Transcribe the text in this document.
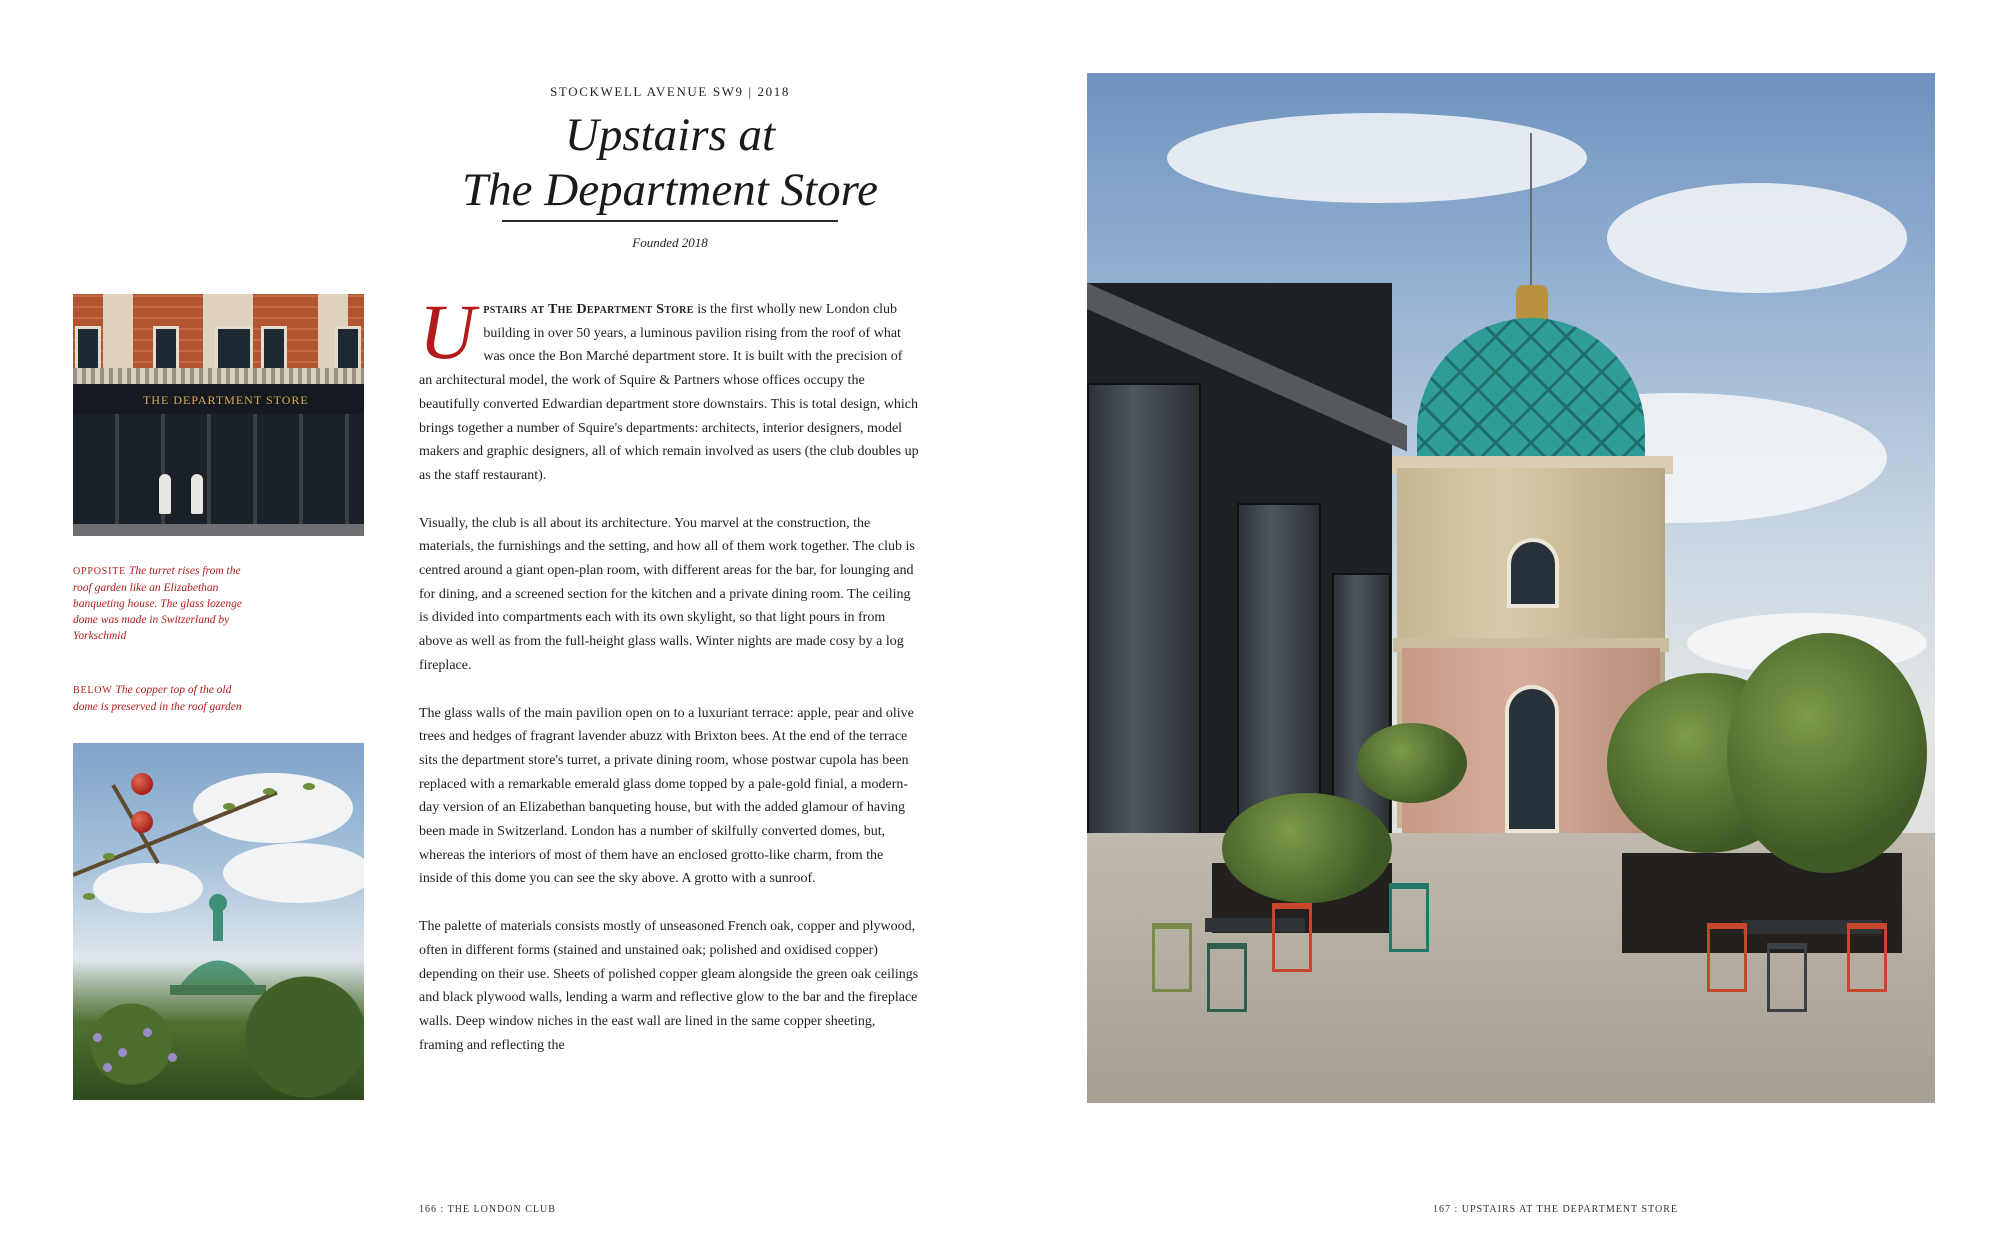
STOCKWELL AVENUE SW9 | 2018
Upstairs at
The Department Store
Founded 2018
THE DEPARTMENT STORE
OPPOSITE The turret rises from the roof garden like an Elizabethan banqueting house. The glass lozenge dome was made in Switzerland by Yorkschmid
BELOW The copper top of the old dome is preserved in the roof garden

Upstairs at The Department Store is the first wholly new London club building in over 50 years, a luminous pavilion rising from the roof of what was once the Bon Marché department store. It is built with the precision of an architectural model, the work of Squire & Partners whose offices occupy the beautifully converted Edwardian department store downstairs. This is total design, which brings together a number of Squire's departments: architects, interior designers, model makers and graphic designers, all of which remain involved as users (the club doubles up as the staff restaurant).

Visually, the club is all about its architecture. You marvel at the construction, the materials, the furnishings and the setting, and how all of them work together. The club is centred around a giant open-plan room, with different areas for the bar, for lounging and for dining, and a screened section for the kitchen and a private dining room. The ceiling is divided into compartments each with its own skylight, so that light pours in from above as well as from the full-height glass walls. Winter nights are made cosy by a log fireplace.

The glass walls of the main pavilion open on to a luxuriant terrace: apple, pear and olive trees and hedges of fragrant lavender abuzz with Brixton bees. At the end of the terrace sits the department store's turret, a private dining room, whose postwar cupola has been replaced with a remarkable emerald glass dome topped by a pale-gold finial, a modern-day version of an Elizabethan banqueting house, but with the added glamour of having been made in Switzerland. London has a number of skilfully converted domes, but, whereas the interiors of most of them have an enclosed grotto-like charm, from the inside of this dome you can see the sky above. A grotto with a sunroof.

The palette of materials consists mostly of unseasoned French oak, copper and plywood, often in different forms (stained and unstained oak; polished and oxidised copper) depending on their use. Sheets of polished copper gleam alongside the green oak ceilings and black plywood walls, lending a warm and reflective glow to the bar and the fireplace walls. Deep window niches in the east wall are lined in the same copper sheeting, framing and reflecting the

166 : THE LONDON CLUB	167 : UPSTAIRS AT THE DEPARTMENT STORE
